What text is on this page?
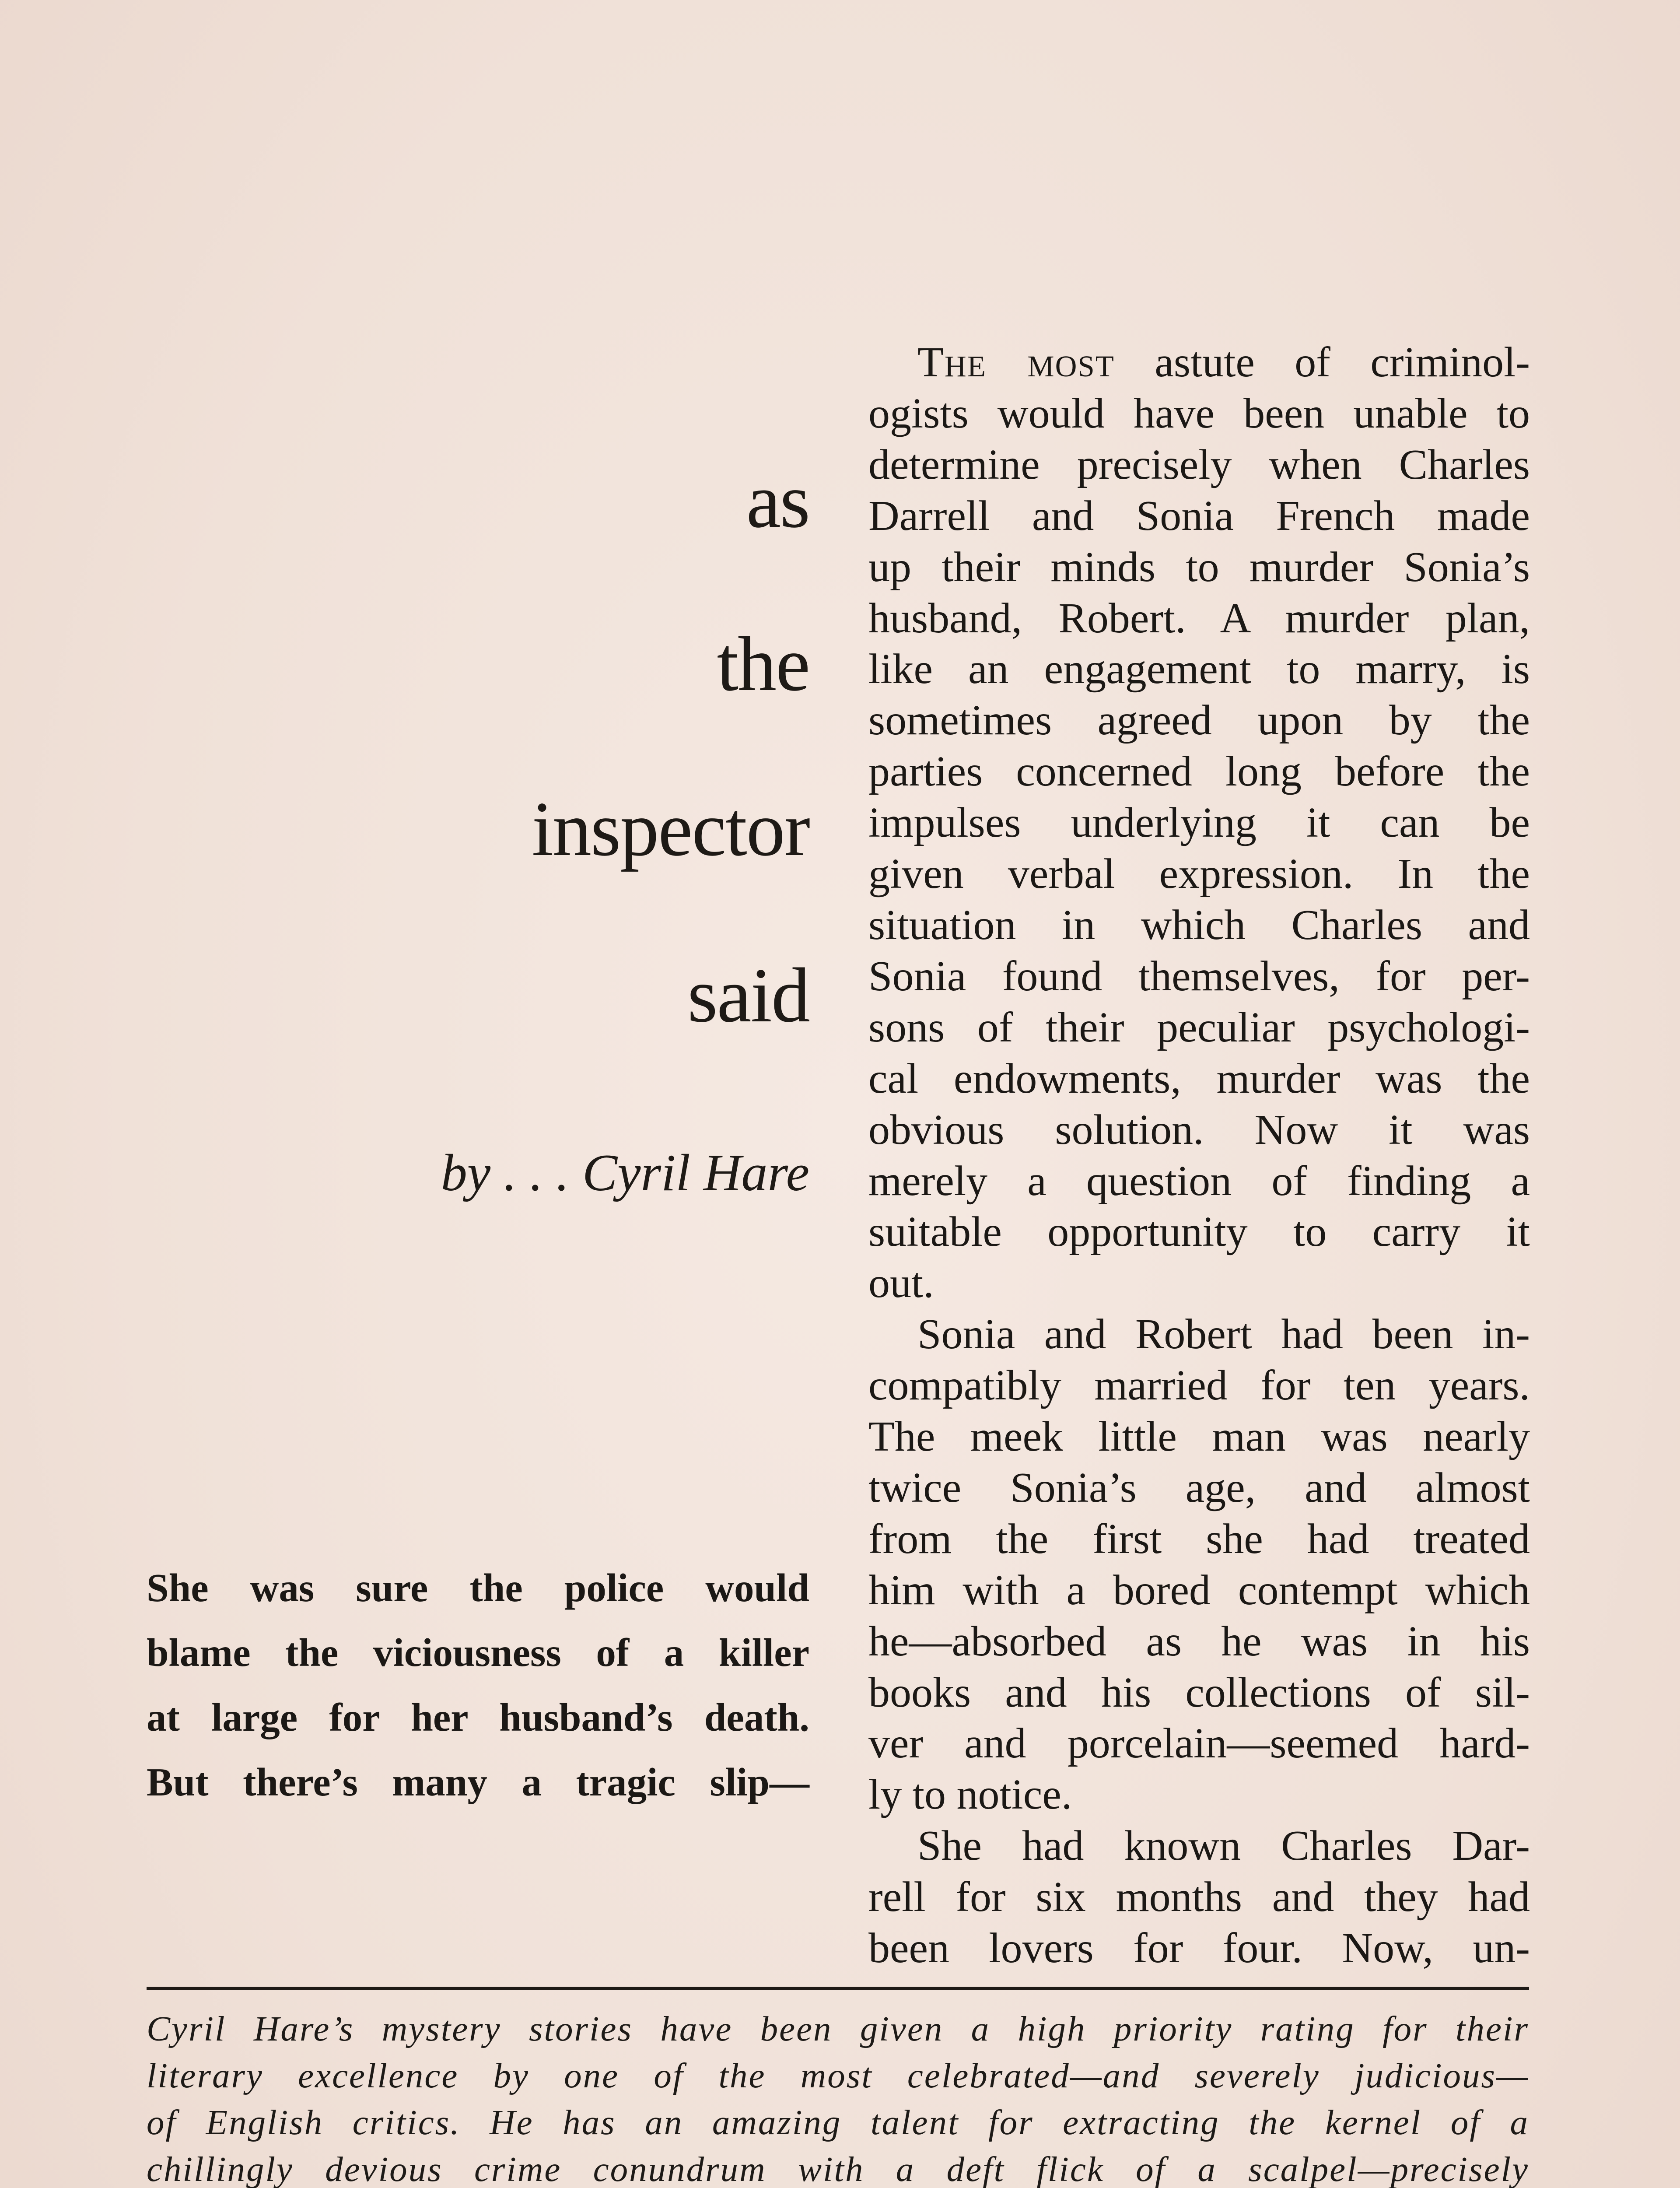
as
the
inspector
said
by . . . Cyril Hare
She was sure the police would
blame the viciousness of a killer
at large for her husband’s death.
But there’s many a tragic slip—
The most astute of criminol-
ogists would have been unable to
determine precisely when Charles
Darrell and Sonia French made
up their minds to murder Sonia’s
husband, Robert. A murder plan,
like an engagement to marry, is
sometimes agreed upon by the
parties concerned long before the
impulses underlying it can be
given verbal expression. In the
situation in which Charles and
Sonia found themselves, for per-
sons of their peculiar psychologi-
cal endowments, murder was the
obvious solution. Now it was
merely a question of finding a
suitable opportunity to carry it
out.
Sonia and Robert had been in-
compatibly married for ten years.
The meek little man was nearly
twice Sonia’s age, and almost
from the first she had treated
him with a bored contempt which
he—absorbed as he was in his
books and his collections of sil-
ver and porcelain—seemed hard-
ly to notice.
She had known Charles Dar-
rell for six months and they had
been lovers for four. Now, un-
Cyril Hare’s mystery stories have been given a high priority rating for their
literary excellence by one of the most celebrated—and severely judicious—
of English critics. He has an amazing talent for extracting the kernel of a
chillingly devious crime conundrum with a deft flick of a scalpel—precisely
